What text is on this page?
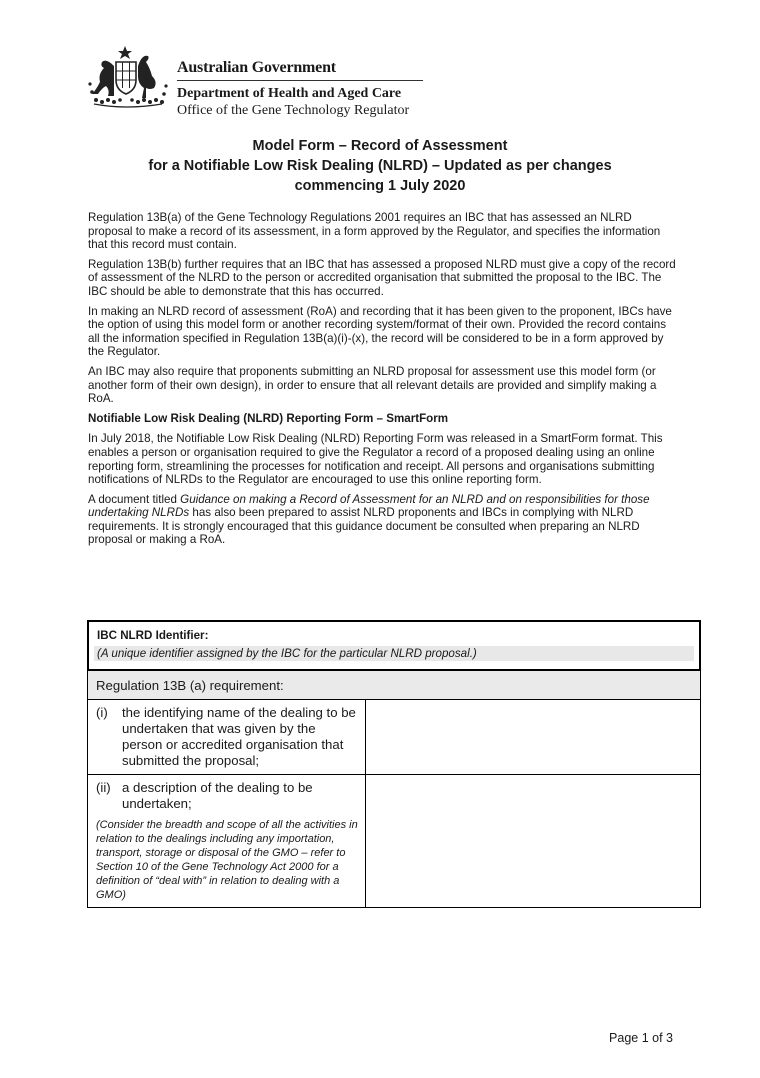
Australian Government
Department of Health and Aged Care
Office of the Gene Technology Regulator
Model Form – Record of Assessment
for a Notifiable Low Risk Dealing (NLRD) – Updated as per changes
commencing 1 July 2020

Regulation 13B(a) of the Gene Technology Regulations 2001 requires an IBC that has assessed an NLRD proposal to make a record of its assessment, in a form approved by the Regulator, and specifies the information that this record must contain.

Regulation 13B(b) further requires that an IBC that has assessed a proposed NLRD must give a copy of the record of assessment of the NLRD to the person or accredited organisation that submitted the proposal to the IBC. The IBC should be able to demonstrate that this has occurred.

In making an NLRD record of assessment (RoA) and recording that it has been given to the proponent, IBCs have the option of using this model form or another recording system/format of their own. Provided the record contains all the information specified in Regulation 13B(a)(i)-(x), the record will be considered to be in a form approved by the Regulator.

An IBC may also require that proponents submitting an NLRD proposal for assessment use this model form (or another form of their own design), in order to ensure that all relevant details are provided and simplify making a RoA.

Notifiable Low Risk Dealing (NLRD) Reporting Form – SmartForm

In July 2018, the Notifiable Low Risk Dealing (NLRD) Reporting Form was released in a SmartForm format. This enables a person or organisation required to give the Regulator a record of a proposed dealing using an online reporting form, streamlining the processes for notification and receipt. All persons and organisations submitting notifications of NLRDs to the Regulator are encouraged to use this online reporting form.

A document titled Guidance on making a Record of Assessment for an NLRD and on responsibilities for those undertaking NLRDs has also been prepared to assist NLRD proponents and IBCs in complying with NLRD requirements. It is strongly encouraged that this guidance document be consulted when preparing an NLRD proposal or making a RoA.

IBC NLRD Identifier:
(A unique identifier assigned by the IBC for the particular NLRD proposal.)
Regulation 13B (a) requirement:
(i)	the identifying name of the dealing to be undertaken that was given by the person or accredited organisation that submitted the proposal;
(ii) a description of the dealing to be undertaken;
(Consider the breadth and scope of all the activities in relation to the dealings including any importation, transport, storage or disposal of the GMO – refer to Section 10 of the Gene Technology Act 2000 for a definition of “deal with” in relation to dealing with a GMO)
Page 1 of 3
